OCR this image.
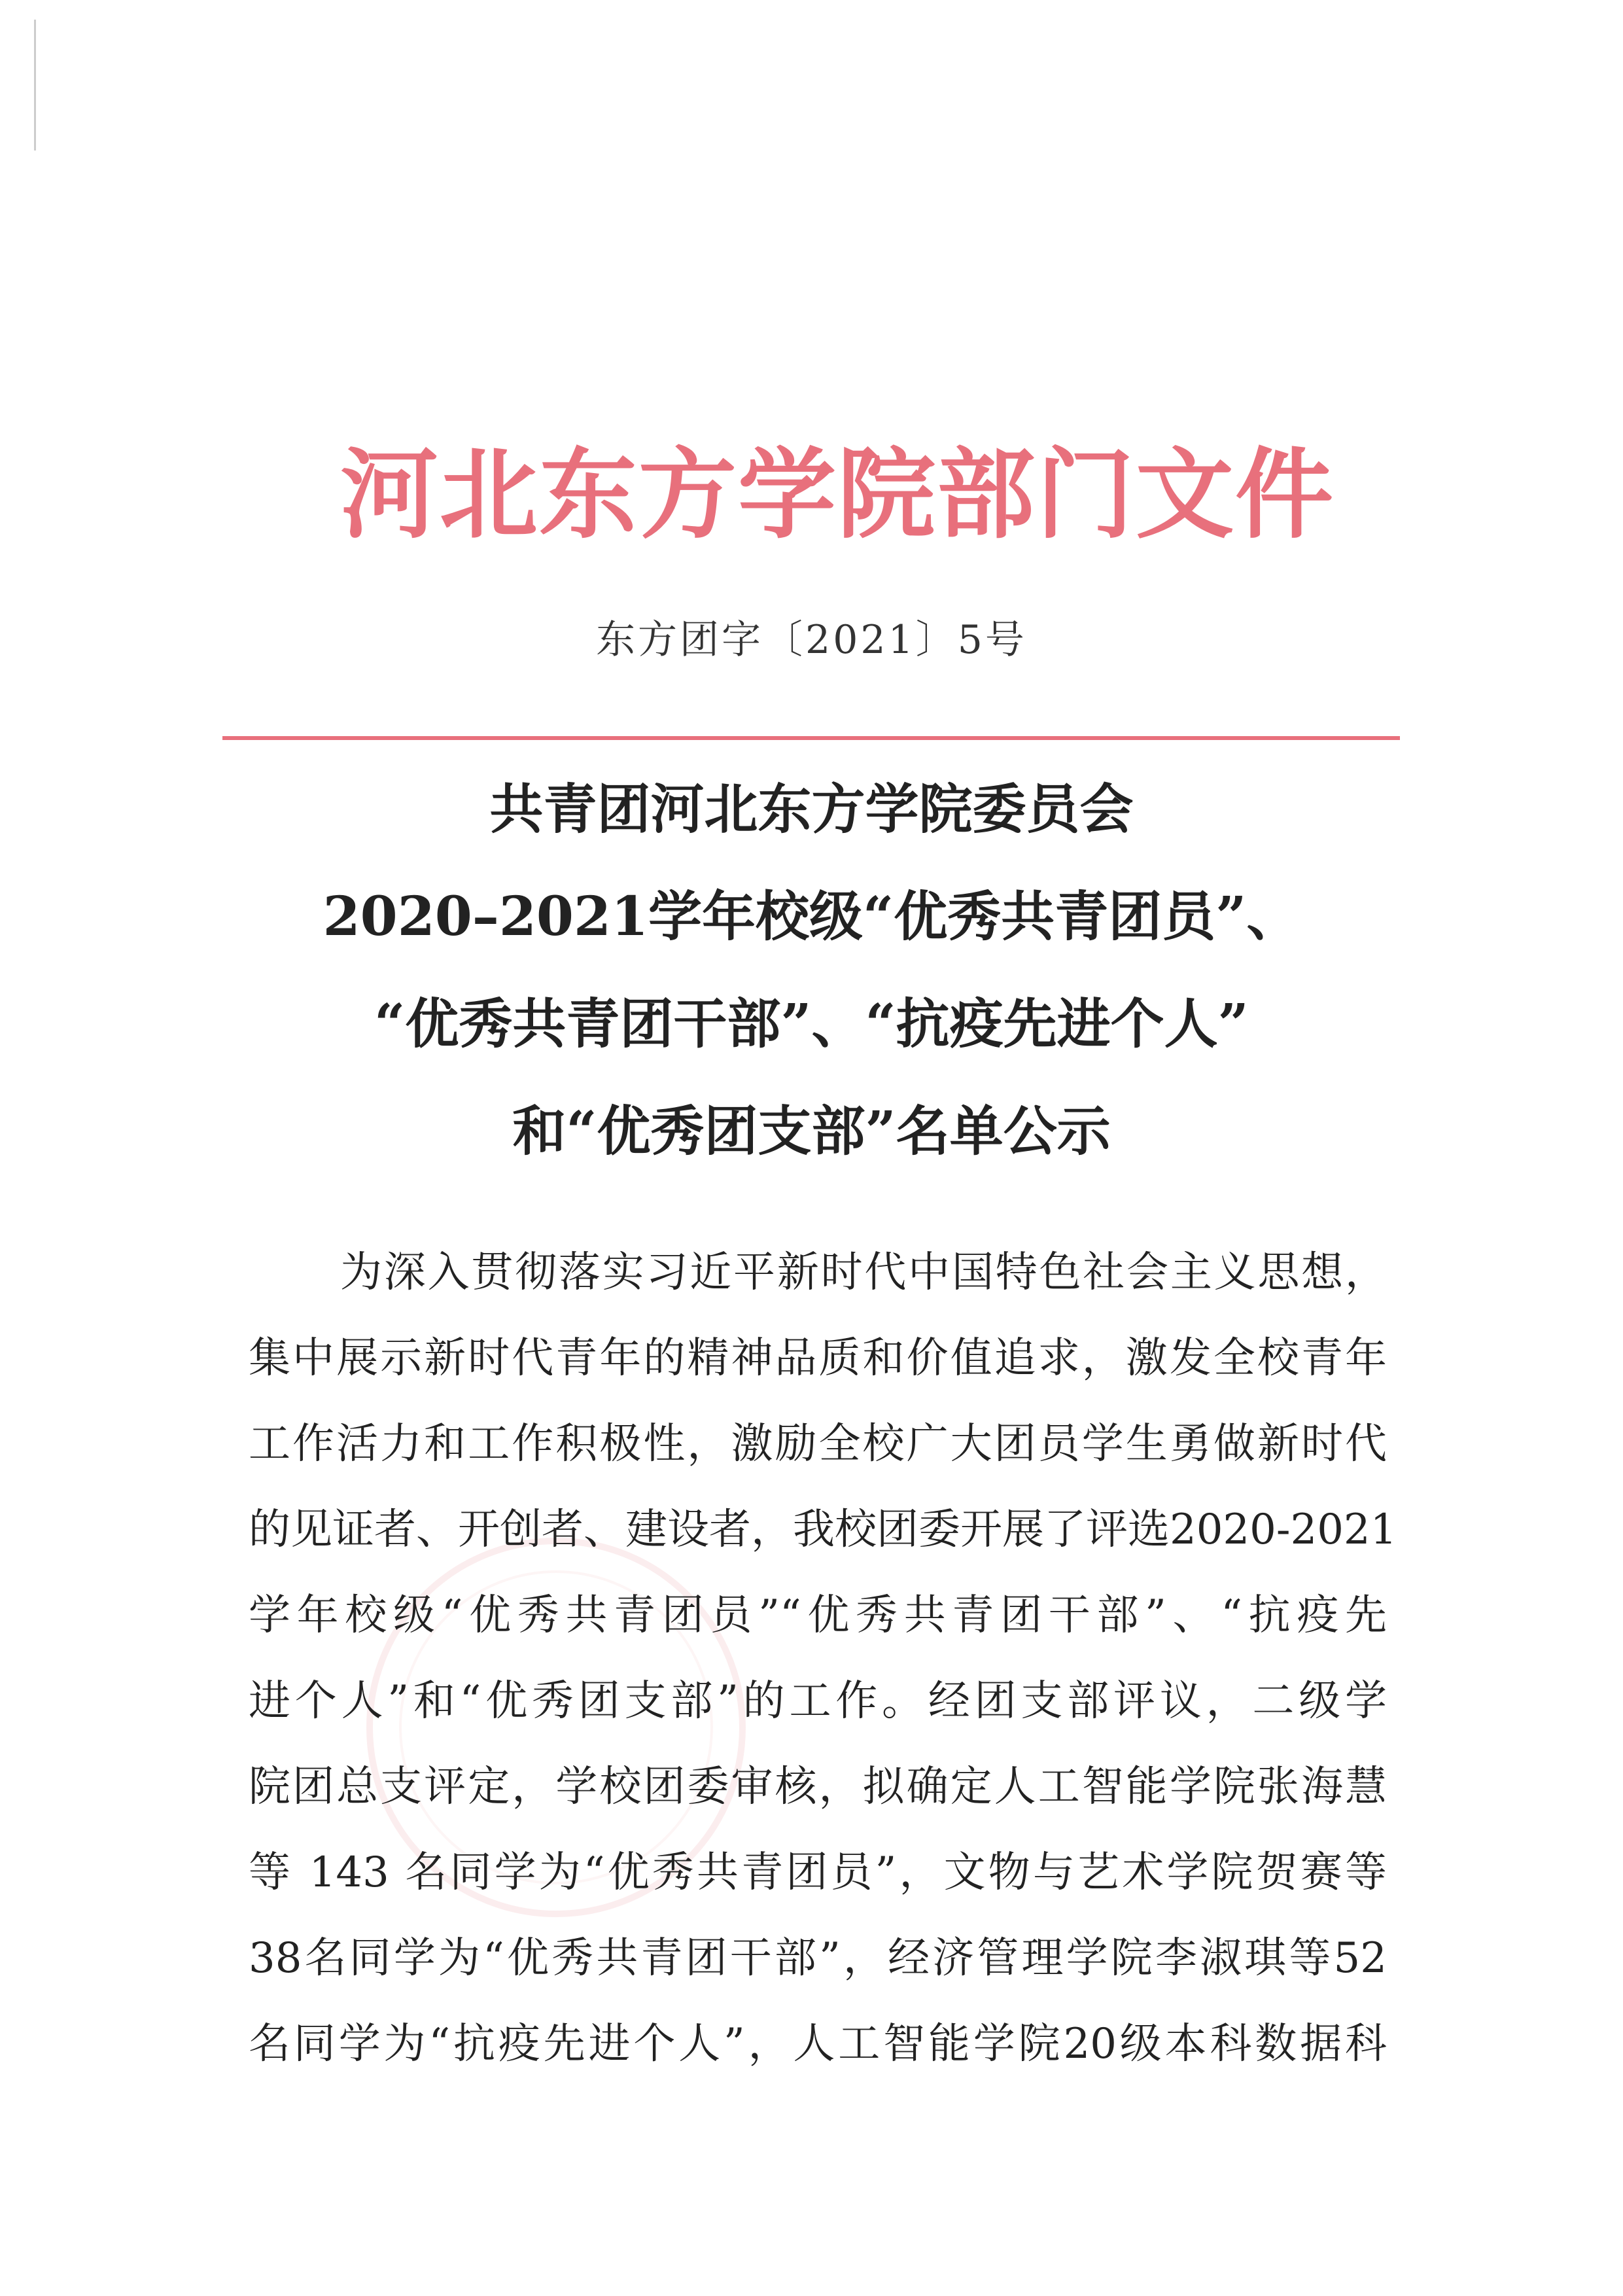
河北东方学院部门文件
东方团字〔2021〕5号
共青团河北东方学院委员会
2020–2021学年校级“优秀共青团员”、
“优秀共青团干部”、“抗疫先进个人”
和“优秀团支部”名单公示
为深入贯彻落实习近平新时代中国特色社会主义思想，
集中展示新时代青年的精神品质和价值追求，激发全校青年
工作活力和工作积极性，激励全校广大团员学生勇做新时代
的见证者、开创者、建设者，我校团委开展了评选2020-2021
学年校级“优秀共青团员”“优秀共青团干部”、“抗疫先
进个人”和“优秀团支部”的工作。经团支部评议，二级学
院团总支评定，学校团委审核，拟确定人工智能学院张海慧
等 143 名同学为“优秀共青团员”，文物与艺术学院贺赛等
38名同学为“优秀共青团干部”，经济管理学院李淑琪等52
名同学为“抗疫先进个人”，人工智能学院20级本科数据科
